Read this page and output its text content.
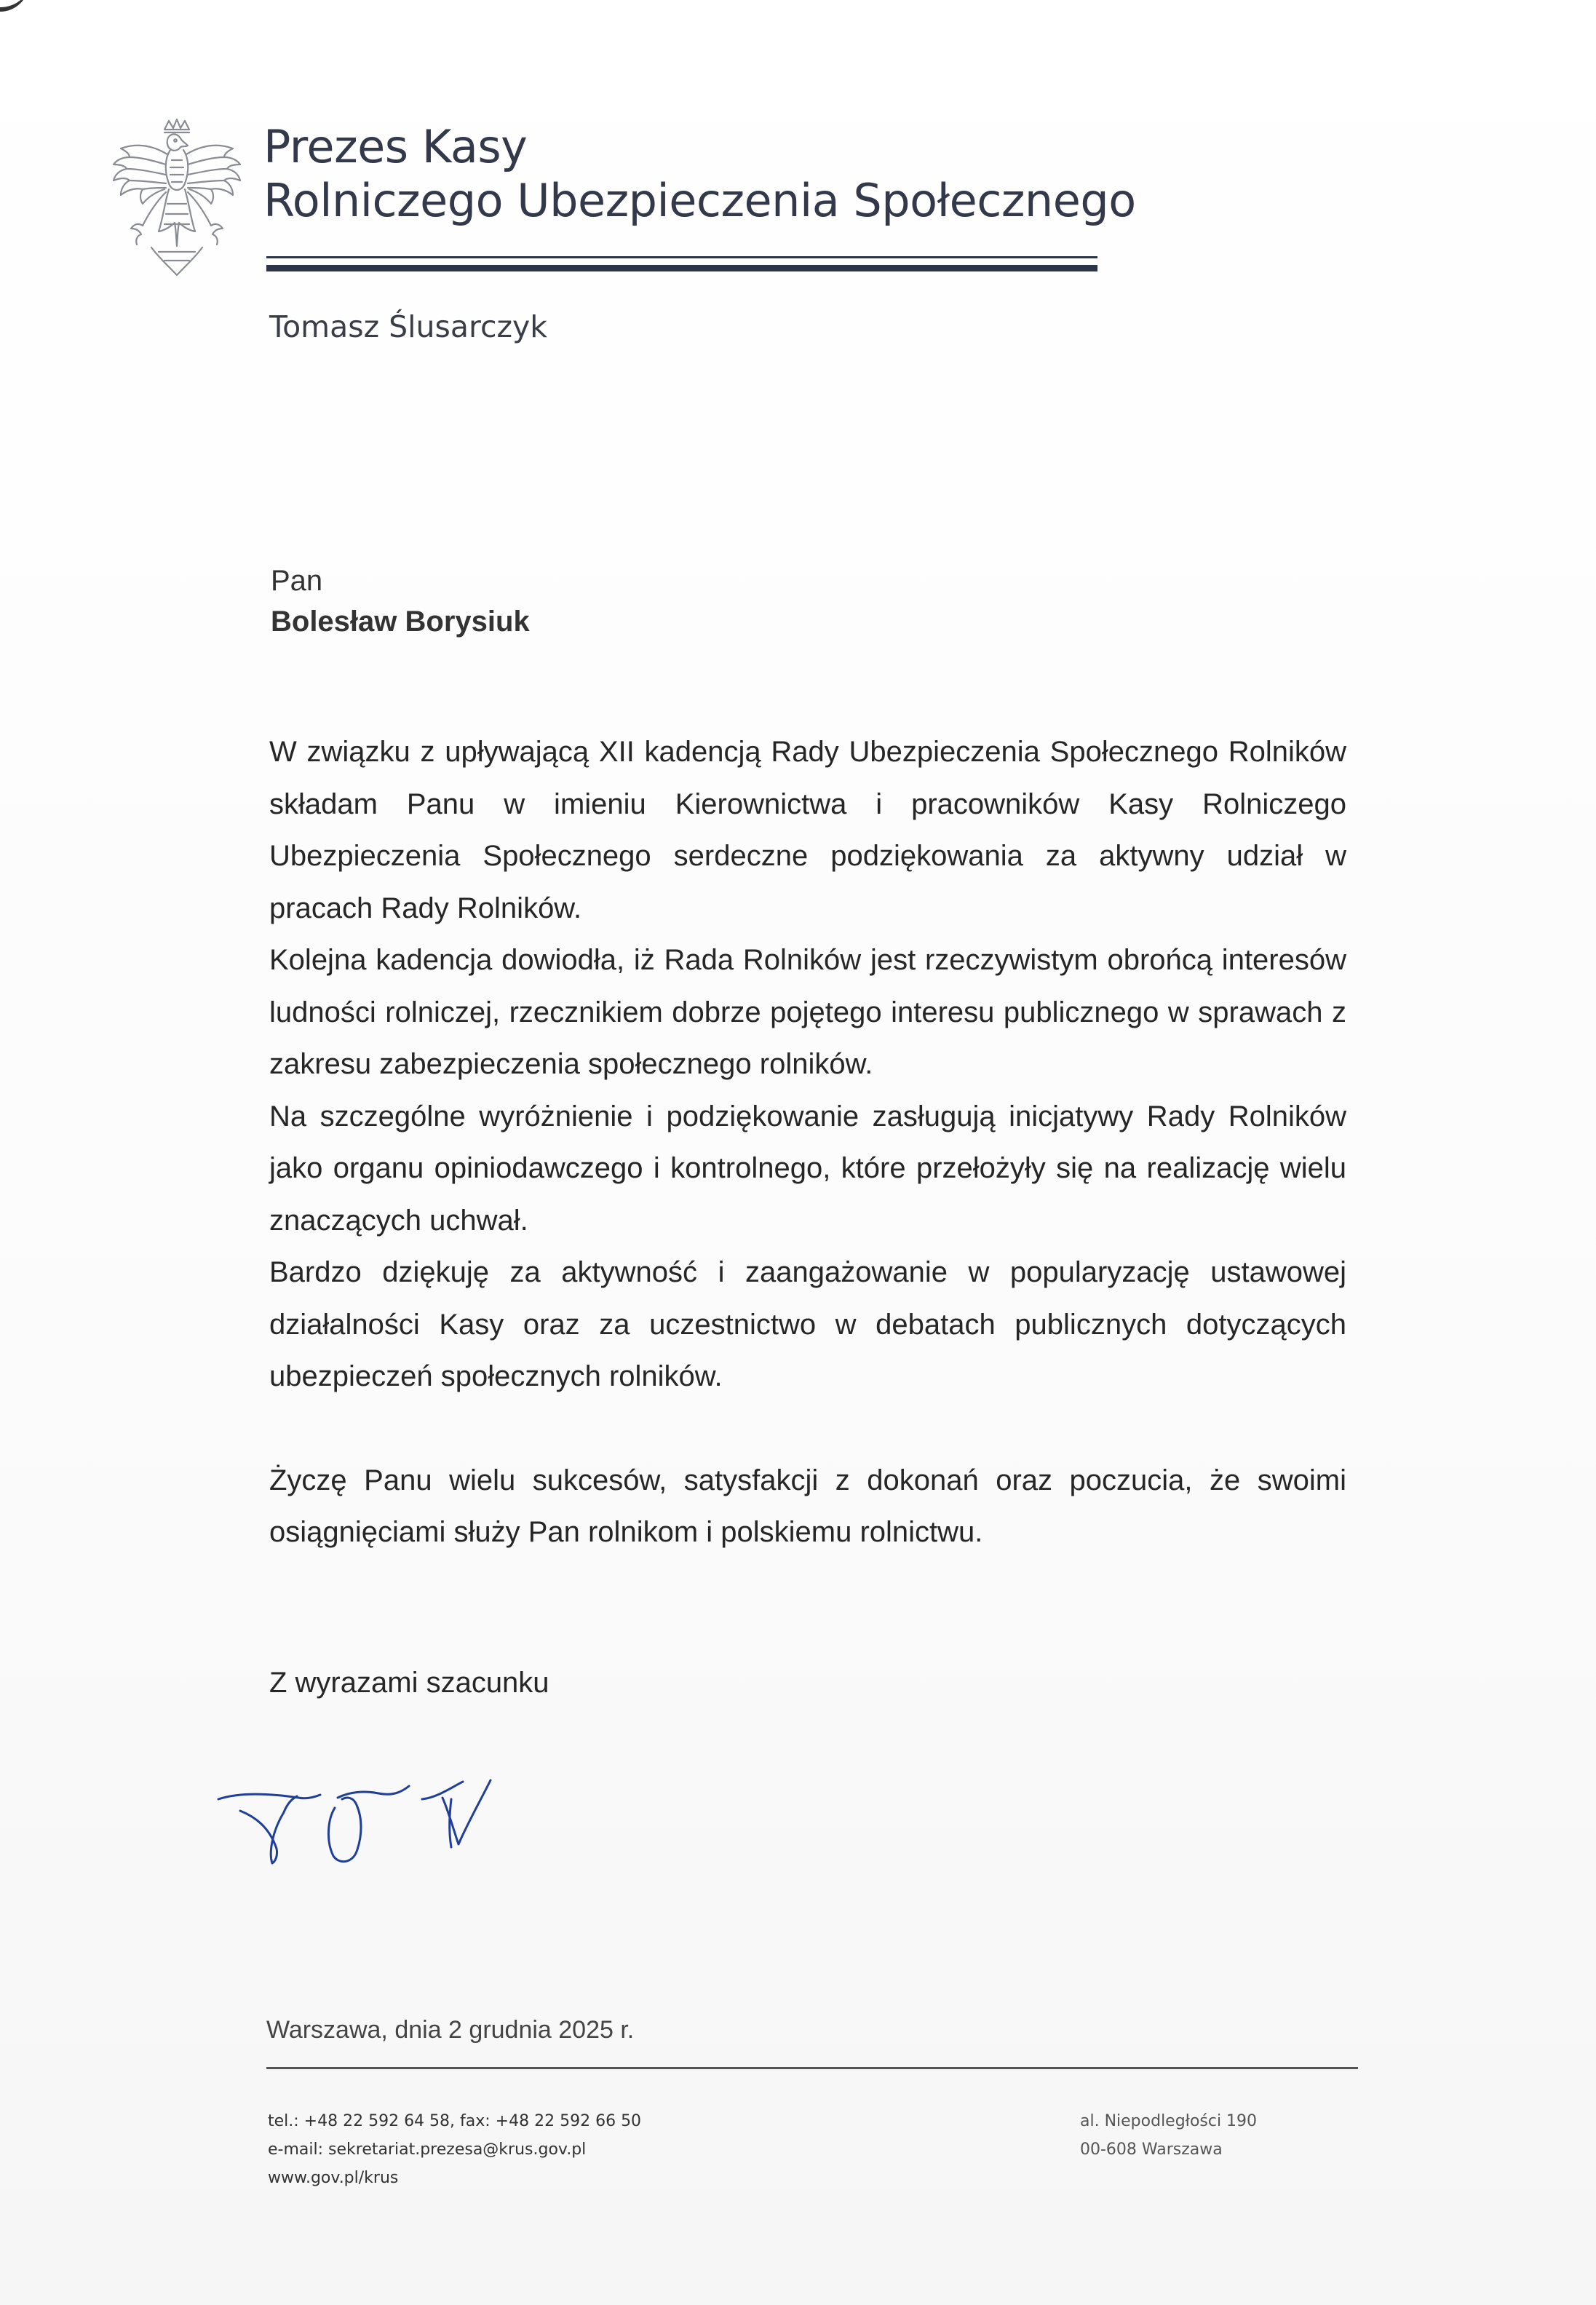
Prezes Kasy
Rolniczego Ubezpieczenia Społecznego
Tomasz Ślusarczyk
Pan
Bolesław Borysiuk

W związku z upływającą XII kadencją Rady Ubezpieczenia Społecznego Rolników składam Panu w imieniu Kierownictwa i pracowników Kasy Rolniczego Ubezpieczenia Społecznego serdeczne podziękowania za aktywny udział w pracach Rady Rolników.

Kolejna kadencja dowiodła, iż Rada Rolników jest rzeczywistym obrońcą interesów ludności rolniczej, rzecznikiem dobrze pojętego interesu publicznego w sprawach z zakresu zabezpieczenia społecznego rolników.

Na szczególne wyróżnienie i podziękowanie zasługują inicjatywy Rady Rolników jako organu opiniodawczego i kontrolnego, które przełożyły się na realizację wielu znaczących uchwał.

Bardzo dziękuję za aktywność i zaangażowanie w popularyzację ustawowej działalności Kasy oraz za uczestnictwo w debatach publicznych dotyczących ubezpieczeń społecznych rolników.

Życzę Panu wielu sukcesów, satysfakcji z dokonań oraz poczucia, że swoimi osiągnięciami służy Pan rolnikom i polskiemu rolnictwu.

Z wyrazami szacunku
Warszawa, dnia 2 grudnia 2025 r.
tel.: +48 22 592 64 58, fax: +48 22 592 66 50
e-mail: sekretariat.prezesa@krus.gov.pl
www.gov.pl/krus
al. Niepodległości 190
00-608 Warszawa
